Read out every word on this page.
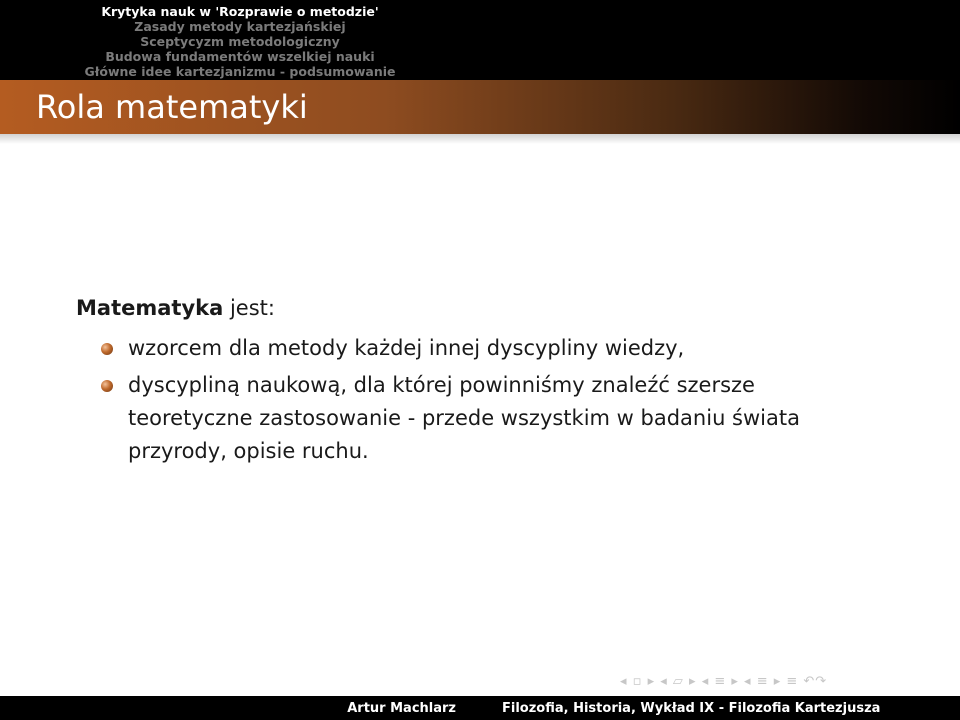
Krytyka nauk w 'Rozprawie o metodzie'
Zasady metody kartezjańskiej
Sceptycyzm metodologiczny
Budowa fundamentów wszelkiej nauki
Główne idee kartezjanizmu - podsumowanie
Rola matematyki

Matematyka jest:

wzorcem dla metody każdej innej dyscypliny wiedzy,
dyscypliną naukową, dla której powinniśmy znaleźć szersze teoretyczne zastosowanie - przede wszystkim w badaniu świata przyrody, opisie ruchu.
◂ ▫ ▸ ◂ ▱ ▸ ◂ ≡ ▸ ◂ ≡ ▸ ≡ ↶↷
Artur Machlarz	Filozofia, Historia, Wykład IX - Filozofia Kartezjusza
